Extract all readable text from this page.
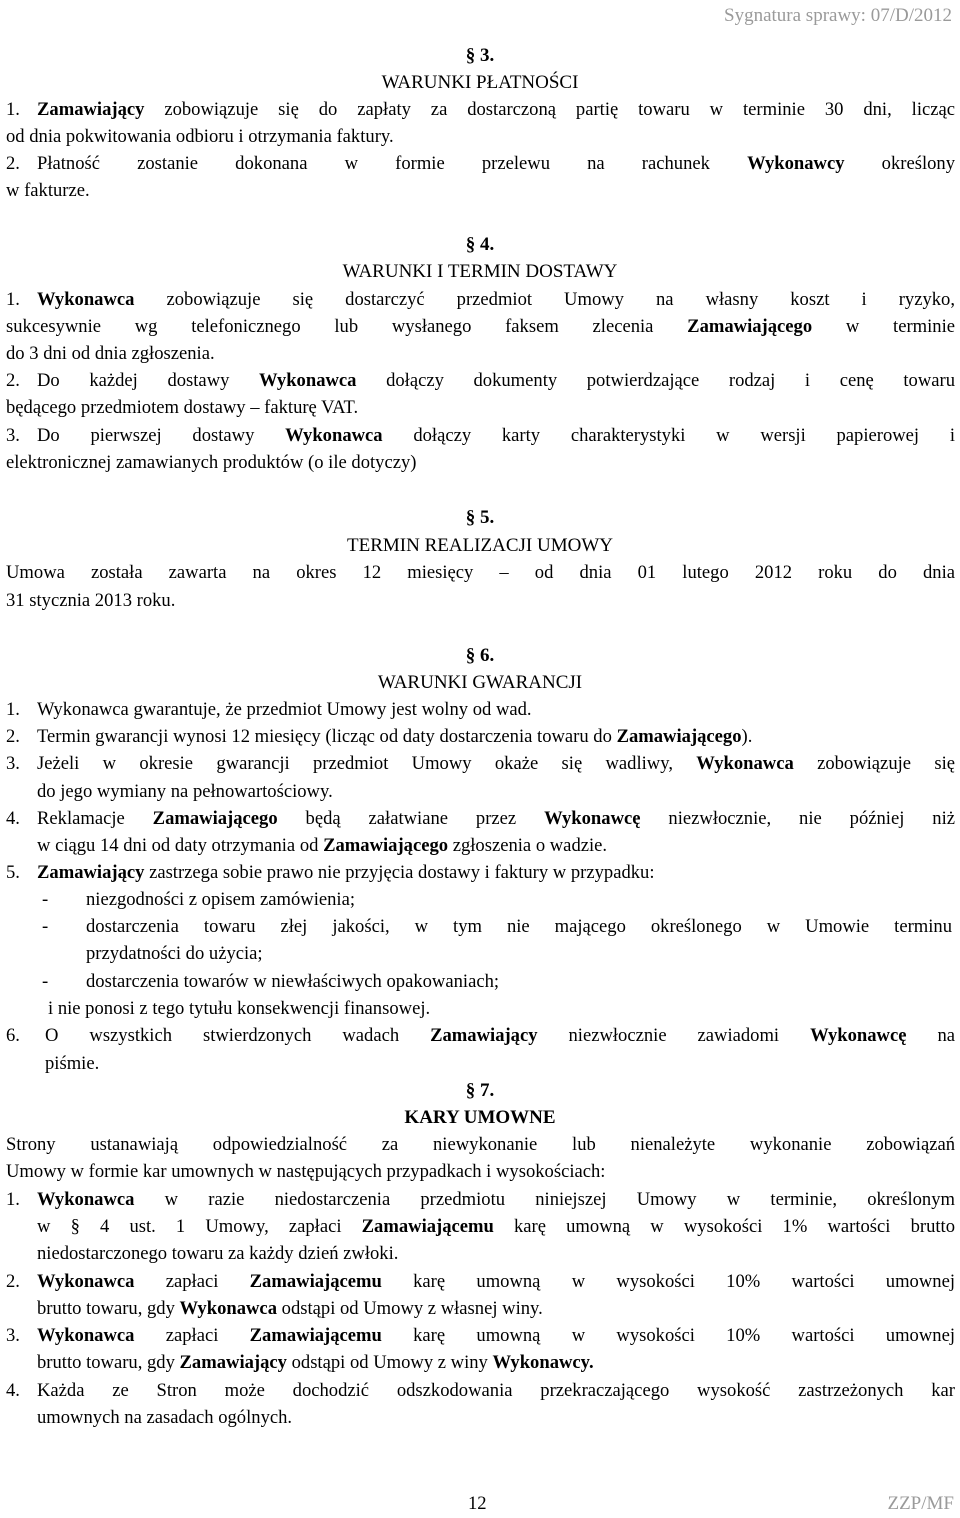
Sygnatura sprawy: 07/D/2012
§ 3.
WARUNKI PŁATNOŚCI
1. Zamawiający zobowiązuje się do zapłaty za dostarczoną partię towaru w terminie 30 dni, licząc
od dnia pokwitowania odbioru i otrzymania faktury.
2. Płatność zostanie dokonana w formie przelewu na rachunek Wykonawcy określony
w fakturze.
§ 4.
WARUNKI I TERMIN DOSTAWY
1. Wykonawca zobowiązuje się dostarczyć przedmiot Umowy na własny koszt i ryzyko,
sukcesywnie wg telefonicznego lub wysłanego faksem zlecenia Zamawiającego w terminie
do 3 dni od dnia zgłoszenia.
2. Do każdej dostawy Wykonawca dołączy dokumenty potwierdzające rodzaj i cenę towaru
będącego przedmiotem dostawy – fakturę VAT.
3. Do pierwszej dostawy Wykonawca dołączy karty charakterystyki w wersji papierowej i
elektronicznej zamawianych produktów (o ile dotyczy)
§ 5.
TERMIN REALIZACJI UMOWY
Umowa została zawarta na okres 12 miesięcy – od dnia 01 lutego 2012 roku do dnia
31 stycznia 2013 roku.
§ 6.
WARUNKI GWARANCJI
1. Wykonawca gwarantuje, że przedmiot Umowy jest wolny od wad.
2. Termin gwarancji wynosi 12 miesięcy (licząc od daty dostarczenia towaru do Zamawiającego).
3. Jeżeli w okresie gwarancji przedmiot Umowy okaże się wadliwy, Wykonawca zobowiązuje się
do jego wymiany na pełnowartościowy.
4. Reklamacje Zamawiającego będą załatwiane przez Wykonawcę niezwłocznie, nie później niż
w ciągu 14 dni od daty otrzymania od Zamawiającego zgłoszenia o wadzie.
5. Zamawiający zastrzega sobie prawo nie przyjęcia dostawy i faktury w przypadku:
- niezgodności z opisem zamówienia;
- dostarczenia towaru złej jakości, w tym nie mającego określonego w Umowie terminu
przydatności do użycia;
- dostarczenia towarów w niewłaściwych opakowaniach;
i nie ponosi z tego tytułu konsekwencji finansowej.
6. O wszystkich stwierdzonych wadach Zamawiający niezwłocznie zawiadomi Wykonawcę na
piśmie.
§ 7.
KARY UMOWNE
Strony ustanawiają odpowiedzialność za niewykonanie lub nienależyte wykonanie zobowiązań
Umowy w formie kar umownych w następujących przypadkach i wysokościach:
1. Wykonawca w razie niedostarczenia przedmiotu niniejszej Umowy w terminie, określonym
w § 4 ust. 1 Umowy, zapłaci Zamawiającemu karę umowną w wysokości 1% wartości brutto
niedostarczonego towaru za każdy dzień zwłoki.
2. Wykonawca zapłaci Zamawiającemu karę umowną w wysokości 10% wartości umownej
brutto towaru, gdy Wykonawca odstąpi od Umowy z własnej winy.
3. Wykonawca zapłaci Zamawiającemu karę umowną w wysokości 10% wartości umownej
brutto towaru, gdy Zamawiający odstąpi od Umowy z winy Wykonawcy.
4. Każda ze Stron może dochodzić odszkodowania przekraczającego wysokość zastrzeżonych kar
umownych na zasadach ogólnych.
12	ZZP/MF
